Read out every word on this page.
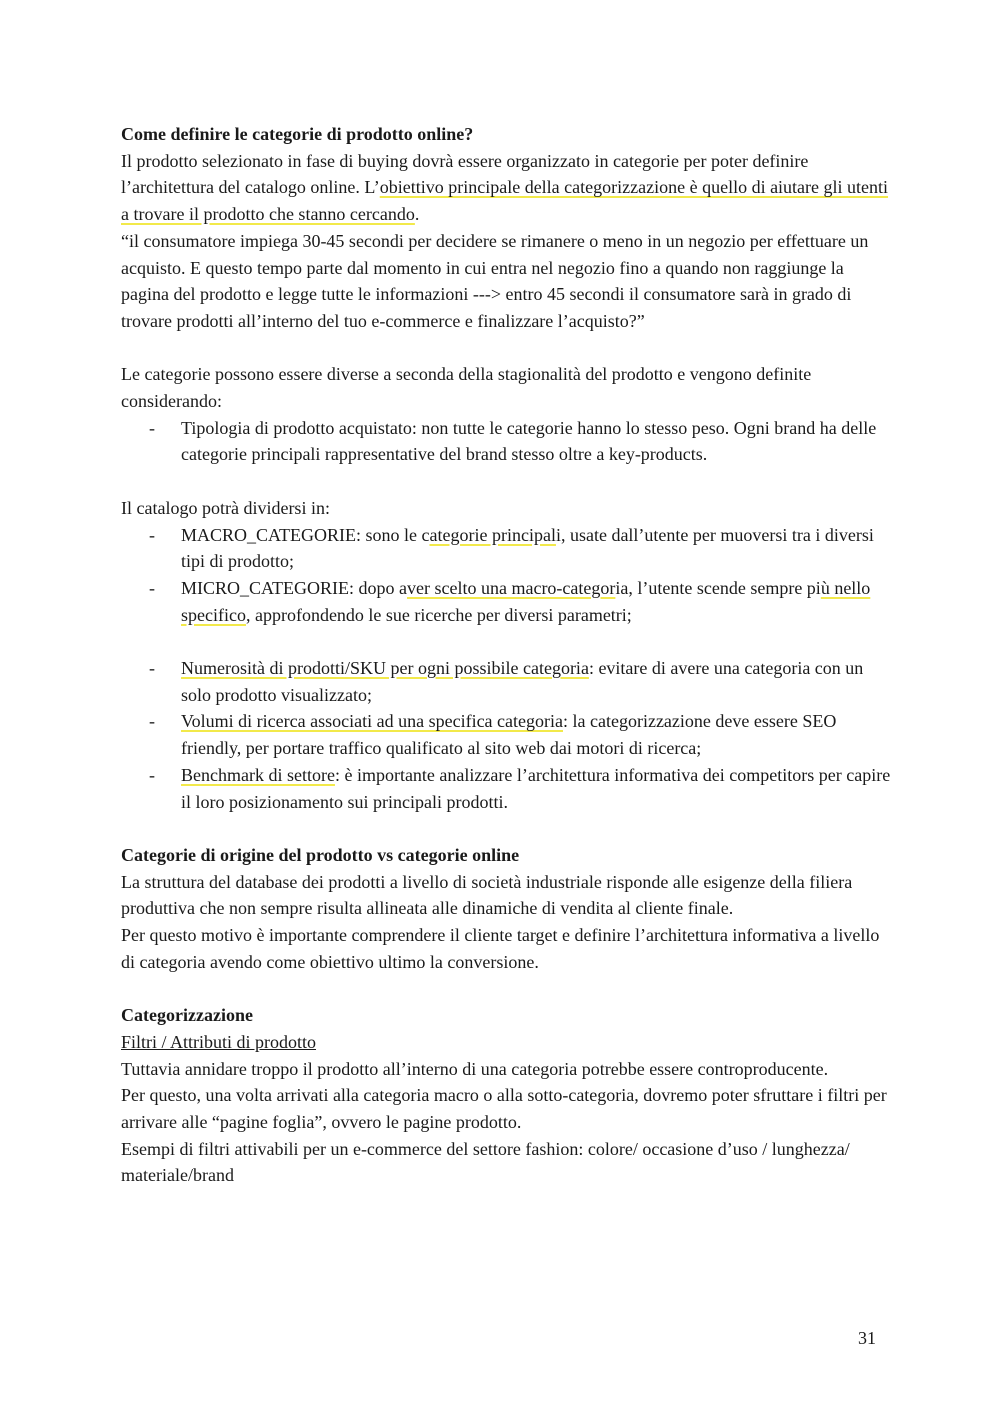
Come definire le categorie di prodotto online?

Il prodotto selezionato in fase di buying dovrà essere organizzato in categorie per poter definire l’architettura del catalogo online. L’obiettivo principale della categorizzazione è quello di aiutare gli utenti a trovare il prodotto che stanno cercando.

“il consumatore impiega 30-45 secondi per decidere se rimanere o meno in un negozio per effettuare un acquisto. E questo tempo parte dal momento in cui entra nel negozio fino a quando non raggiunge la pagina del prodotto e legge tutte le informazioni ---> entro 45 secondi il consumatore sarà in grado di trovare prodotti all’interno del tuo e-commerce e finalizzare l’acquisto?”

Le categorie possono essere diverse a seconda della stagionalità del prodotto e vengono definite considerando:

- Tipologia di prodotto acquistato: non tutte le categorie hanno lo stesso peso. Ogni brand ha delle categorie principali rappresentative del brand stesso oltre a key-products.

Il catalogo potrà dividersi in:

- MACRO_CATEGORIE: sono le categorie principali, usate dall’utente per muoversi tra i diversi tipi di prodotto;
- MICRO_CATEGORIE: dopo aver scelto una macro-categoria, l’utente scende sempre più nello specifico, approfondendo le sue ricerche per diversi parametri;
- Numerosità di prodotti/SKU per ogni possibile categoria: evitare di avere una categoria con un solo prodotto visualizzato;
- Volumi di ricerca associati ad una specifica categoria: la categorizzazione deve essere SEO friendly, per portare traffico qualificato al sito web dai motori di ricerca;
- Benchmark di settore: è importante analizzare l’architettura informativa dei competitors per capire il loro posizionamento sui principali prodotti.

Categorie di origine del prodotto vs categorie online

La struttura del database dei prodotti a livello di società industriale risponde alle esigenze della filiera produttiva che non sempre risulta allineata alle dinamiche di vendita al cliente finale.

Per questo motivo è importante comprendere il cliente target e definire l’architettura informativa a livello di categoria avendo come obiettivo ultimo la conversione.

Categorizzazione

Filtri / Attributi di prodotto

Tuttavia annidare troppo il prodotto all’interno di una categoria potrebbe essere controproducente.

Per questo, una volta arrivati alla categoria macro o alla sotto-categoria, dovremo poter sfruttare i filtri per arrivare alle “pagine foglia”, ovvero le pagine prodotto.

Esempi di filtri attivabili per un e-commerce del settore fashion: colore/ occasione d’uso / lunghezza/ materiale/brand

31
